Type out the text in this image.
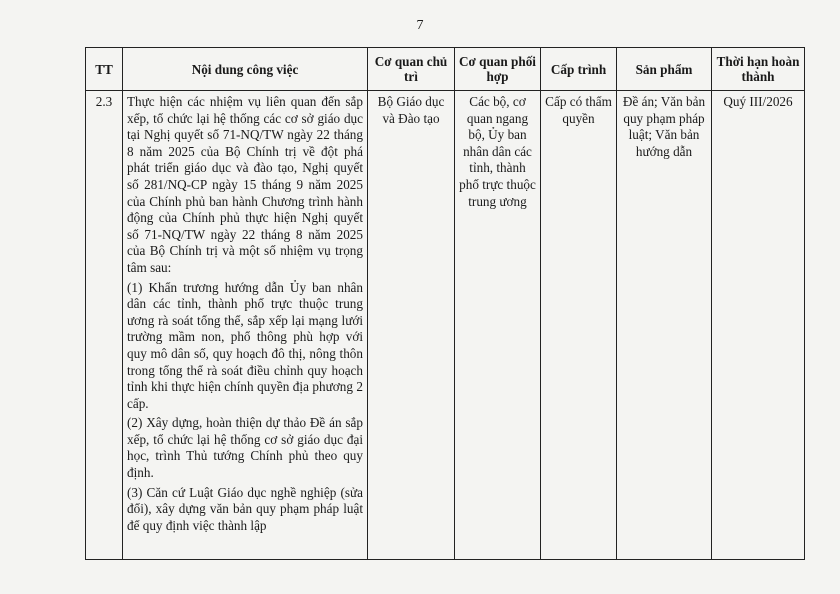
7
TT	Nội dung công việc	Cơ quan chủ trì	Cơ quan phối hợp	Cấp trình	Sản phẩm	Thời hạn hoàn thành
2.3	Thực hiện các nhiệm vụ liên quan đến sắp xếp, tổ chức lại hệ thống các cơ sở giáo dục tại Nghị quyết số 71-NQ/TW ngày 22 tháng 8 năm 2025 của Bộ Chính trị về đột phá phát triển giáo dục và đào tạo, Nghị quyết số 281/NQ-CP ngày 15 tháng 9 năm 2025 của Chính phủ ban hành Chương trình hành động của Chính phủ thực hiện Nghị quyết số 71-NQ/TW ngày 22 tháng 8 năm 2025 của Bộ Chính trị và một số nhiệm vụ trọng tâm sau:

(1) Khẩn trương hướng dẫn Ủy ban nhân dân các tỉnh, thành phố trực thuộc trung ương rà soát tổng thể, sắp xếp lại mạng lưới trường mầm non, phổ thông phù hợp với quy mô dân số, quy hoạch đô thị, nông thôn trong tổng thể rà soát điều chỉnh quy hoạch tỉnh khi thực hiện chính quyền địa phương 2 cấp.

(2) Xây dựng, hoàn thiện dự thảo Đề án sắp xếp, tổ chức lại hệ thống cơ sở giáo dục đại học, trình Thủ tướng Chính phủ theo quy định.

(3) Căn cứ Luật Giáo dục nghề nghiệp (sửa đổi), xây dựng văn bản quy phạm pháp luật để quy định việc thành lập	Bộ Giáo dục và Đào tạo	Các bộ, cơ quan ngang bộ, Ủy ban nhân dân các tỉnh, thành phố trực thuộc trung ương	Cấp có thẩm quyền	Đề án; Văn bản quy phạm pháp luật; Văn bản hướng dẫn	Quý III/2026
